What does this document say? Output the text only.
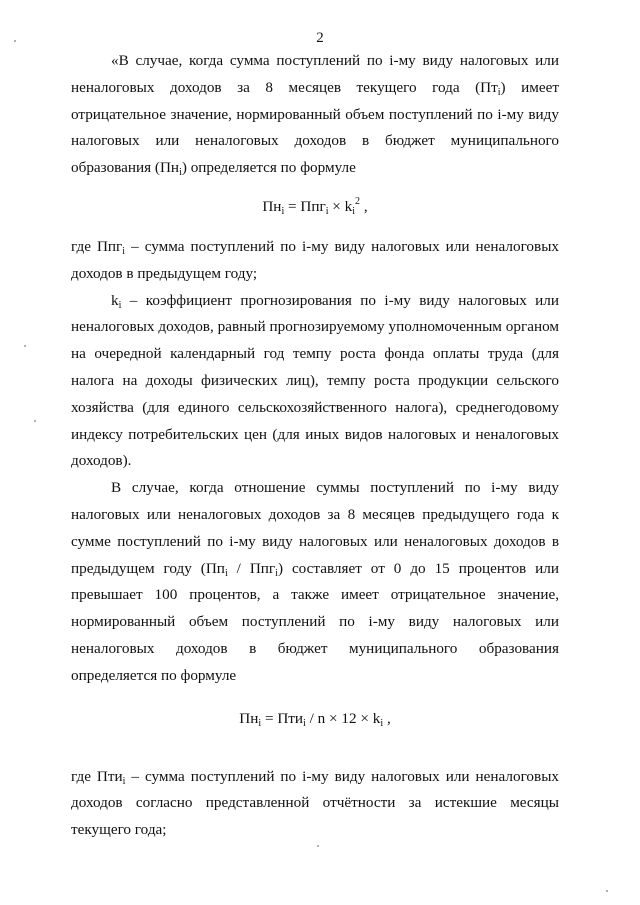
2

«В случае, когда сумма поступлений по i-му виду налоговых или неналоговых доходов за 8 месяцев текущего года $(Пт_i)$ имеет отрицательное значение, нормированный объем поступлений по i-му виду налоговых или неналоговых доходов в бюджет муниципального образования $(Пн_i)$ определяется по формуле

$Пн_i = Ппг_i \times k_i^2$ ,

где Ппг$_i$ – сумма поступлений по i-му виду налоговых или неналоговых доходов в предыдущем году;

$k_i$ – коэффициент прогнозирования по i-му виду налоговых или неналоговых доходов, равный прогнозируемому уполномоченным органом на очередной календарный год темпу роста фонда оплаты труда (для налога на доходы физических лиц), темпу роста продукции сельского хозяйства (для единого сельскохозяйственного налога), среднегодовому индексу потребительских цен (для иных видов налоговых и неналоговых доходов).

В случае, когда отношение суммы поступлений по i-му виду налоговых или неналоговых доходов за 8 месяцев предыдущего года к сумме поступлений по i-му виду налоговых или неналоговых доходов в предыдущем году $(Пп_i / Ппг_i)$ составляет от 0 до 15 процентов или превышает 100 процентов, а также имеет отрицательное значение, нормированный объем поступлений по i-му виду налоговых или неналоговых доходов в бюджет муниципального образования определяется по формуле

$Пн_i = Пти_i / n \times 12 \times k_i$ ,

где Пти$_i$ – сумма поступлений по i-му виду налоговых или неналоговых доходов согласно представленной отчётности за истекшие месяцы текущего года;
